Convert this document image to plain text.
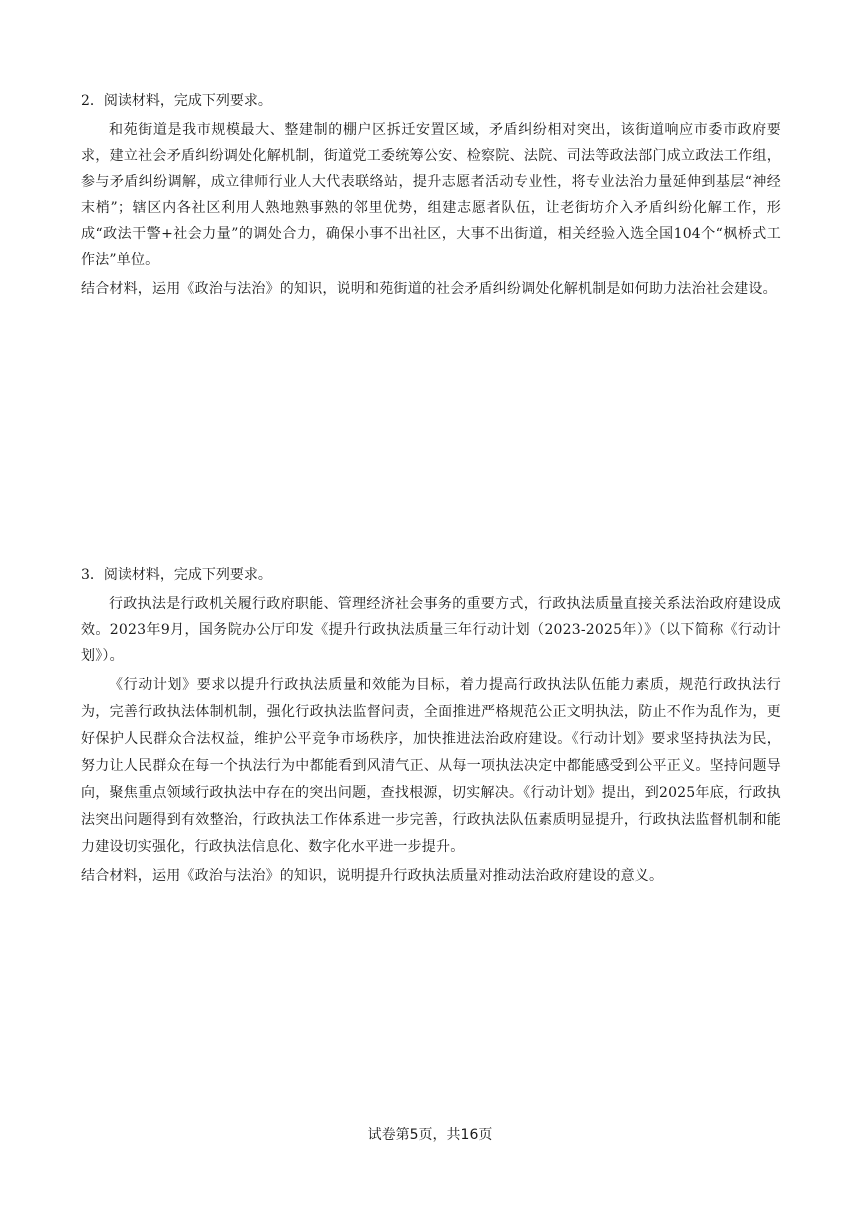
2．阅读材料，完成下列要求。

和苑街道是我市规模最大、整建制的棚户区拆迁安置区域，矛盾纠纷相对突出，该街道响应市委市政府要求，建立社会矛盾纠纷调处化解机制，街道党工委统筹公安、检察院、法院、司法等政法部门成立政法工作组，参与矛盾纠纷调解，成立律师行业人大代表联络站，提升志愿者活动专业性，将专业法治力量延伸到基层“神经末梢”；辖区内各社区利用人熟地熟事熟的邻里优势，组建志愿者队伍，让老街坊介入矛盾纠纷化解工作，形成“政法干警+社会力量”的调处合力，确保小事不出社区，大事不出街道，相关经验入选全国104个“枫桥式工作法”单位。

结合材料，运用《政治与法治》的知识，说明和苑街道的社会矛盾纠纷调处化解机制是如何助力法治社会建设。

3．阅读材料，完成下列要求。

行政执法是行政机关履行政府职能、管理经济社会事务的重要方式，行政执法质量直接关系法治政府建设成效。2023年9月，国务院办公厅印发《提升行政执法质量三年行动计划（2023-2025年）》（以下简称《行动计划》）。

《行动计划》要求以提升行政执法质量和效能为目标，着力提高行政执法队伍能力素质，规范行政执法行为，完善行政执法体制机制，强化行政执法监督问责，全面推进严格规范公正文明执法，防止不作为乱作为，更好保护人民群众合法权益，维护公平竞争市场秩序，加快推进法治政府建设。《行动计划》要求坚持执法为民，努力让人民群众在每一个执法行为中都能看到风清气正、从每一项执法决定中都能感受到公平正义。坚持问题导向，聚焦重点领域行政执法中存在的突出问题，查找根源，切实解决。《行动计划》提出，到2025年底，行政执法突出问题得到有效整治，行政执法工作体系进一步完善，行政执法队伍素质明显提升，行政执法监督机制和能力建设切实强化，行政执法信息化、数字化水平进一步提升。

结合材料，运用《政治与法治》的知识，说明提升行政执法质量对推动法治政府建设的意义。

试卷第5页，共16页
